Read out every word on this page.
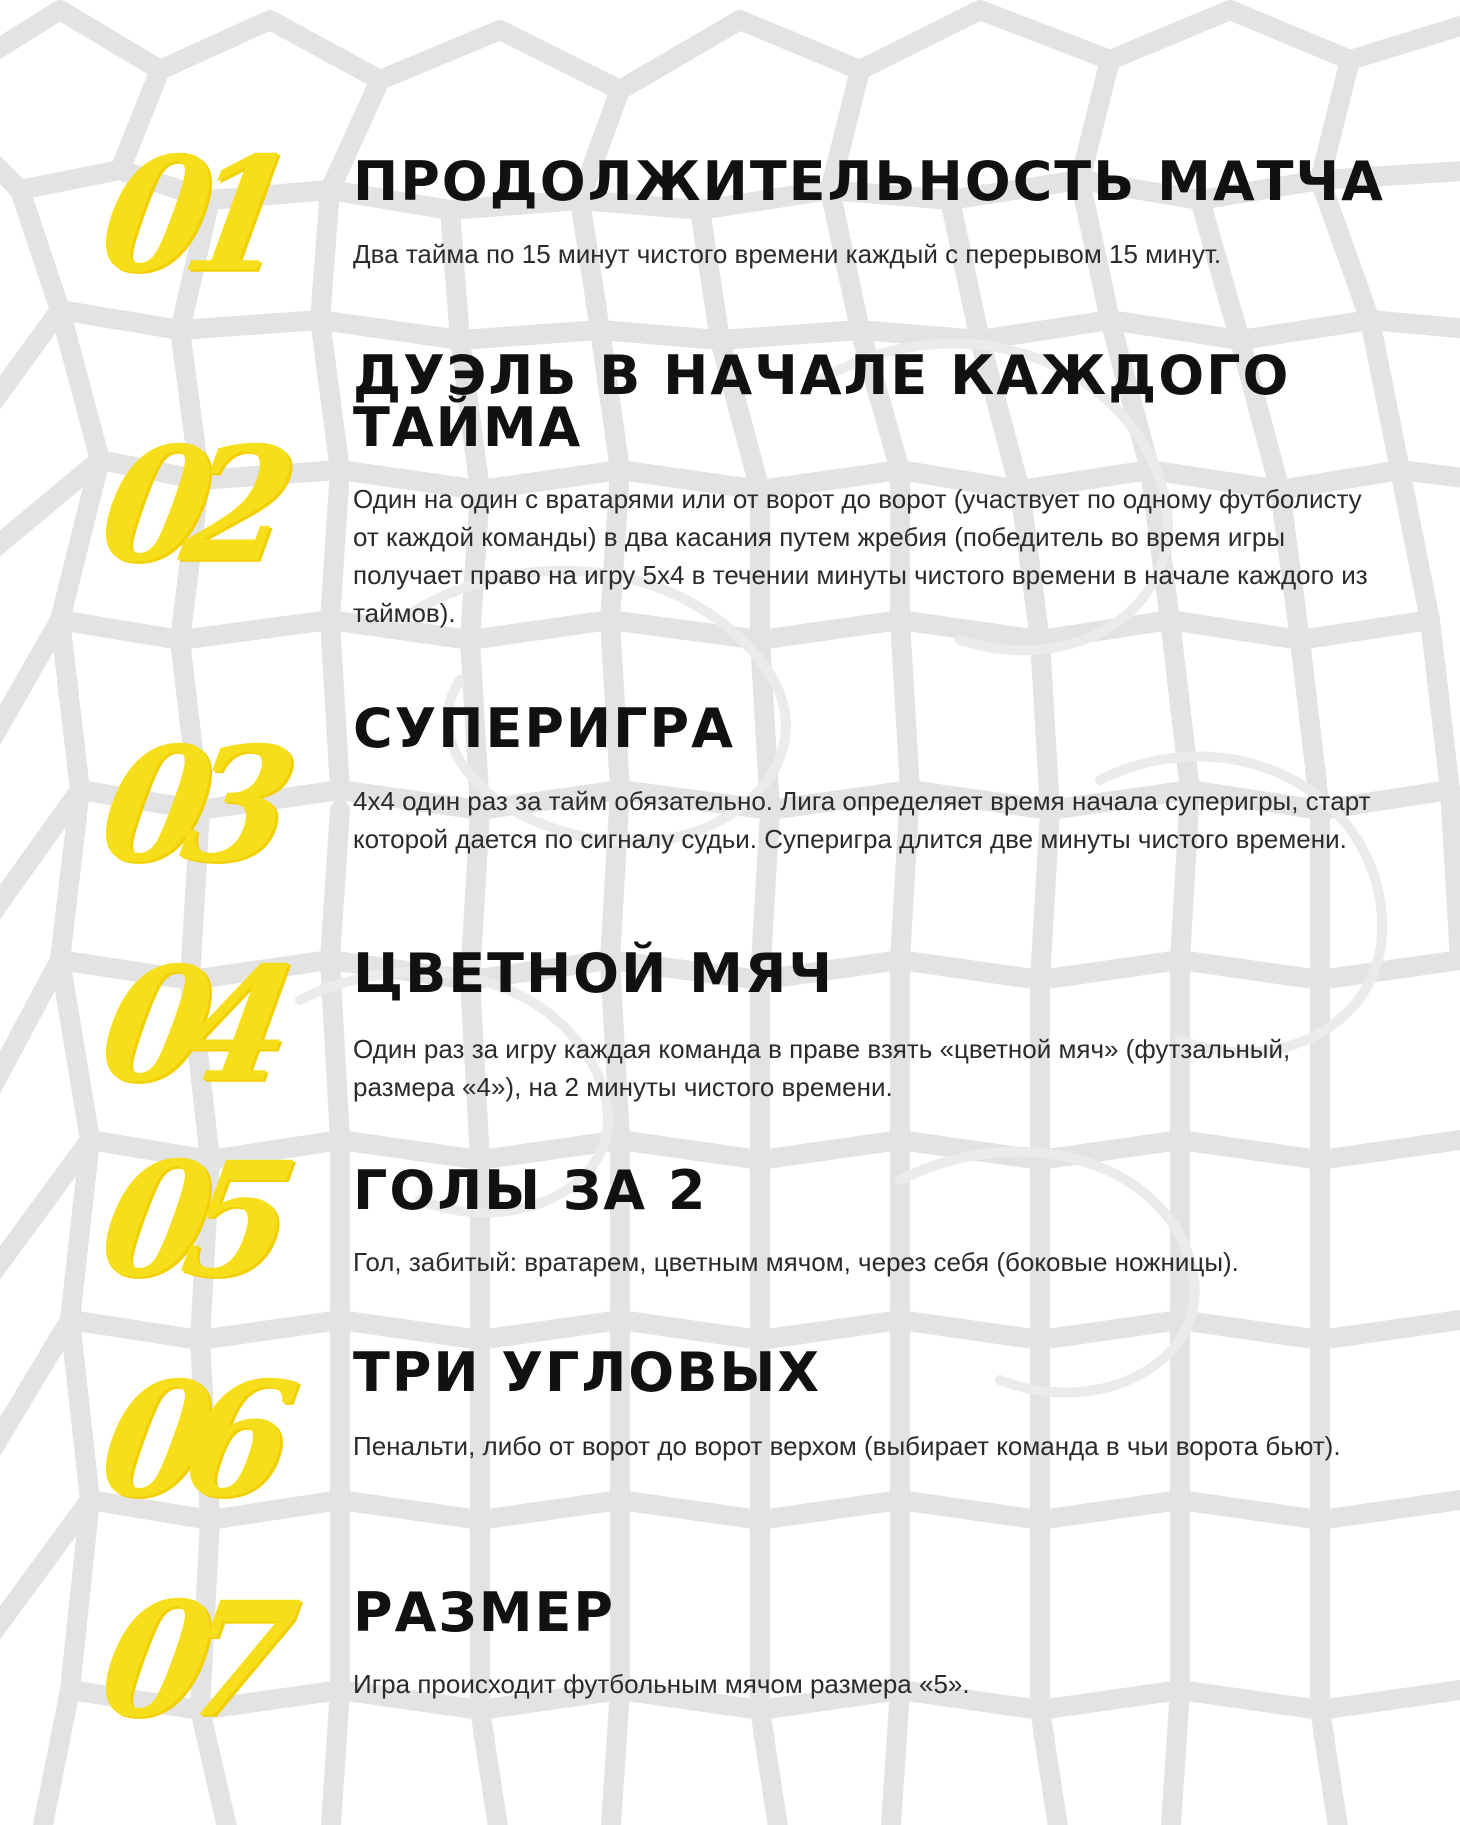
01 ПРОДОЛЖИТЕЛЬНОСТЬ МАТЧА

Два тайма по 15 минут чистого времени каждый с перерывом 15 минут.

02
ДУЭЛЬ В НАЧАЛЕ КАЖДОГО ТАЙМА

Один на один с вратарями или от ворот до ворот (участвует по одному футболисту от каждой команды) в два касания путем жребия (победитель во время игры получает право на игру 5х4 в течении минуты чистого времени в начале каждого из таймов).

03 СУПЕРИГРА

4х4 один раз за тайм обязательно. Лига определяет время начала суперигры, старт которой дается по сигналу судьи. Суперигра длится две минуты чистого времени.

04 ЦВЕТНОЙ МЯЧ

Один раз за игру каждая команда в праве взять «цветной мяч» (футзальный, размера «4»), на 2 минуты чистого времени.

05 ГОЛЫ ЗА 2

Гол, забитый: вратарем, цветным мячом, через себя (боковые ножницы).

06 ТРИ УГЛОВЫХ

Пенальти, либо от ворот до ворот верхом (выбирает команда в чьи ворота бьют).

07 РАЗМЕР

Игра происходит футбольным мячом размера «5».
